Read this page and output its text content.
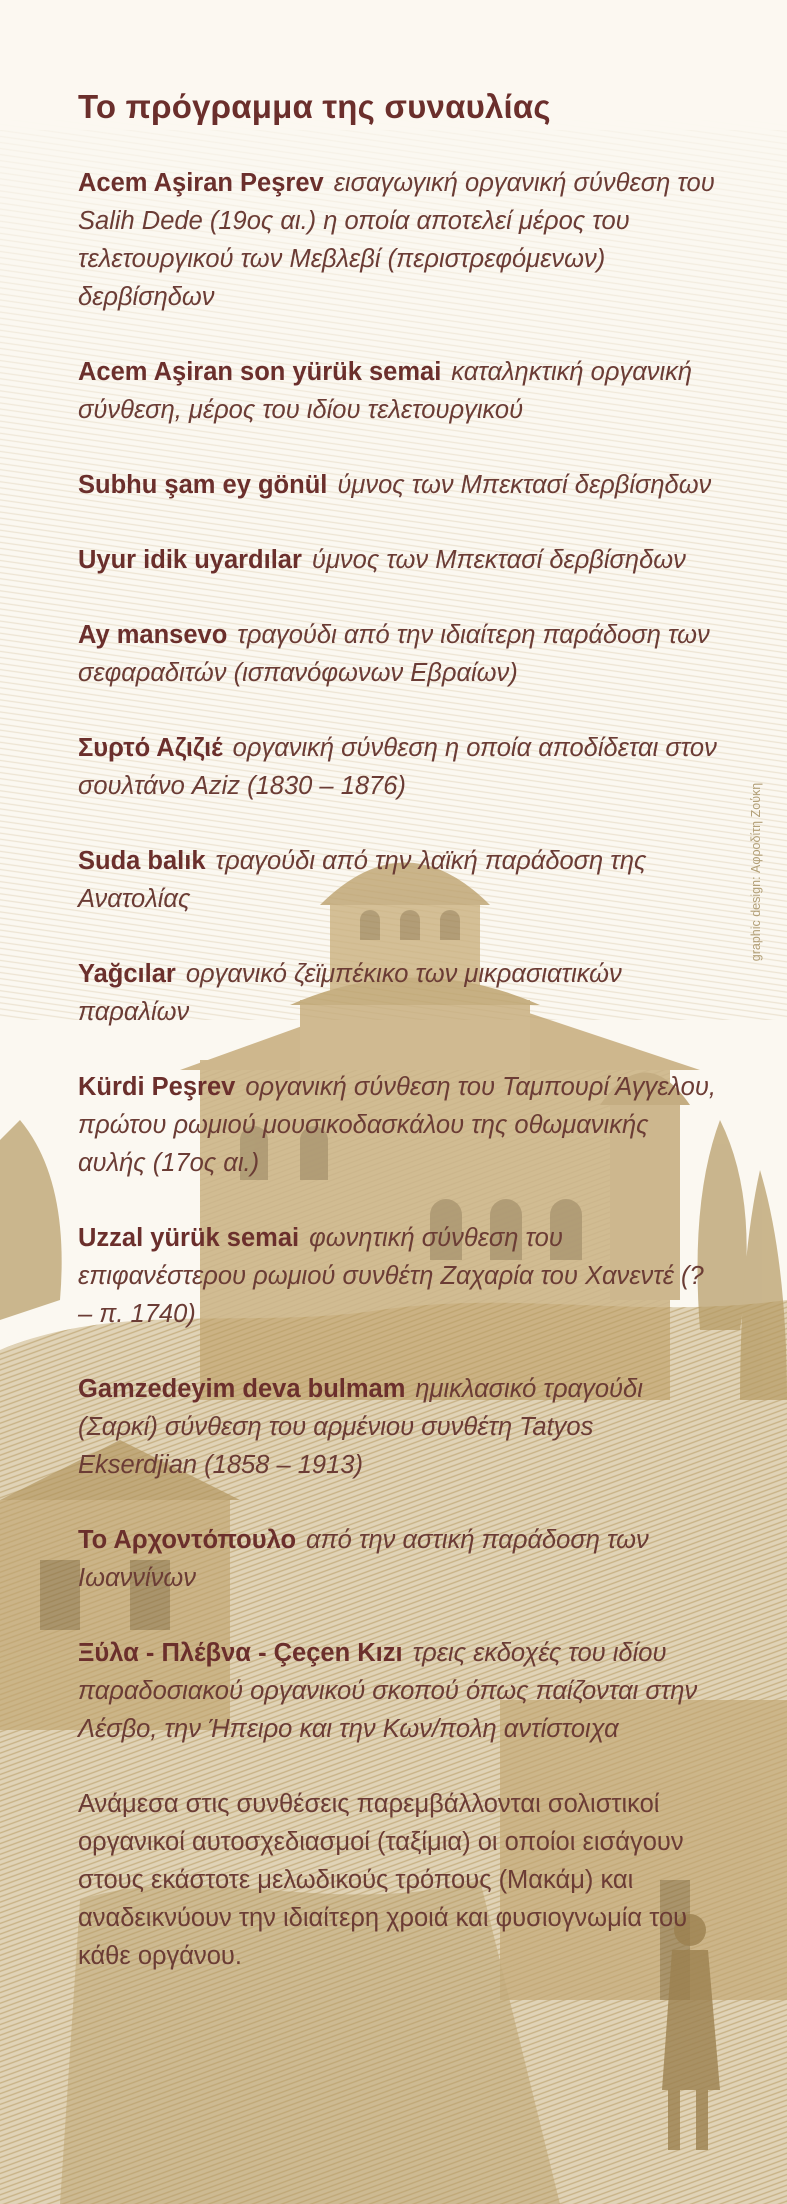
Το πρόγραμμα της συναυλίας
Acem Aşiran Peşrev εισαγωγική οργανική σύνθεση του Salih Dede (19ος αι.) η οποία αποτελεί μέρος του τελετουργικού των Μεβλεβί (περιστρεφόμενων) δερβίσηδων
Acem Aşiran son yürük semai καταληκτική οργανική σύνθεση, μέρος του ιδίου τελετουργικού
Subhu şam ey gönül ύμνος των Μπεκτασί δερβίσηδων
Uyur idik uyardılar ύμνος των Μπεκτασί δερβίσηδων
Ay mansevo τραγούδι από την ιδιαίτερη παράδοση των σεφαραδιτών (ισπανόφωνων Εβραίων)
Συρτό Αζιζιέ οργανική σύνθεση η οποία αποδίδεται στον σουλτάνο Aziz (1830 – 1876)
Suda balık τραγούδι από την λαϊκή παράδοση της Ανατολίας
Yağcılar οργανικό ζεϊμπέκικο των μικρασιατικών παραλίων
Kürdi Peşrev οργανική σύνθεση του Ταμπουρί Άγγελου, πρώτου ρωμιού μουσικοδασκάλου της οθωμανικής αυλής (17ος αι.)
Uzzal yürük semai φωνητική σύνθεση του επιφανέστερου ρωμιού συνθέτη Ζαχαρία του Χανεντέ (? – π. 1740)
Gamzedeyim deva bulmam ημικλασικό τραγούδι (Σαρκί) σύνθεση του αρμένιου συνθέτη Tatyos Ekserdjian (1858 – 1913)
Το Αρχοντόπουλο από την αστική παράδοση των Ιωαννίνων
Ξύλα - Πλέβνα - Çeçen Kızı τρεις εκδοχές του ιδίου παραδοσιακού οργανικού σκοπού όπως παίζονται στην Λέσβο, την Ήπειρο και την Κων/πολη αντίστοιχα
Ανάμεσα στις συνθέσεις παρεμβάλλονται σολιστικοί οργανικοί αυτοσχεδιασμοί (ταξίμια) οι οποίοι εισάγουν στους εκάστοτε μελωδικούς τρόπους (Μακάμ) και αναδεικνύουν την ιδιαίτερη χροιά και φυσιογνωμία του κάθε οργάνου.
graphic design: Αφροδίτη Ζούκη
